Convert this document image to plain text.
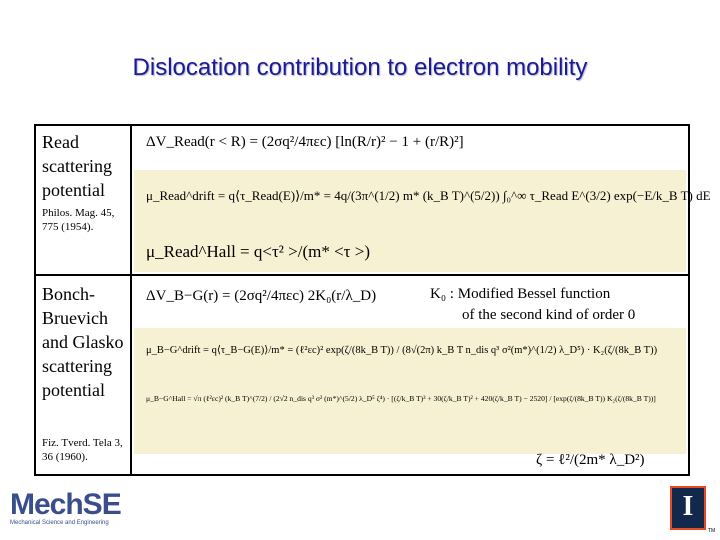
Dislocation contribution to electron mobility
Read scattering potential
Philos. Mag. 45, 775 (1954).
ΔV_Read(r < R) = (2σq²/4πεc) [ln(R/r)² − 1 + (r/R)²]
μ_Read^drift = q⟨τ_Read(E)⟩/m* = 4q/(3π^(1/2) m* (k_B T)^(5/2)) ∫₀^∞ τ_Read E^(3/2) exp(−E/k_B T) dE
μ_Read^Hall = q<τ² >/(m* <τ >)
Bonch-Bruevich and Glasko scattering potential
Fiz. Tverd. Tela 3, 36 (1960).
ΔV_B−G(r) = (2σq²/4πεc) 2K₀(r/λ_D)	K₀ : Modified Bessel function
of the second kind of order 0
μ_B−G^drift = q⟨τ_B−G(E)⟩/m* = (ℓ²εc)² exp(ζ/(8k_B T)) / (8√(2π) k_B T n_dis q³ σ²(m*)^(1/2) λ_D⁵) · K₂(ζ/(8k_B T))
μ_B−G^Hall = √π (ℓ²εc)² (k_B T)^(7/2) / (2√2 n_dis q³ σ² (m*)^(5/2) λ_D⁵ ζ⁴) · [(ζ/k_B T)³ + 30(ζ/k_B T)² + 420(ζ/k_B T) − 2520] / [exp(ζ/(8k_B T)) K₂(ζ/(8k_B T))]
ζ = ℓ²/(2m* λ_D²)
MechSE
Mechanical Science and Engineering
I
TM
